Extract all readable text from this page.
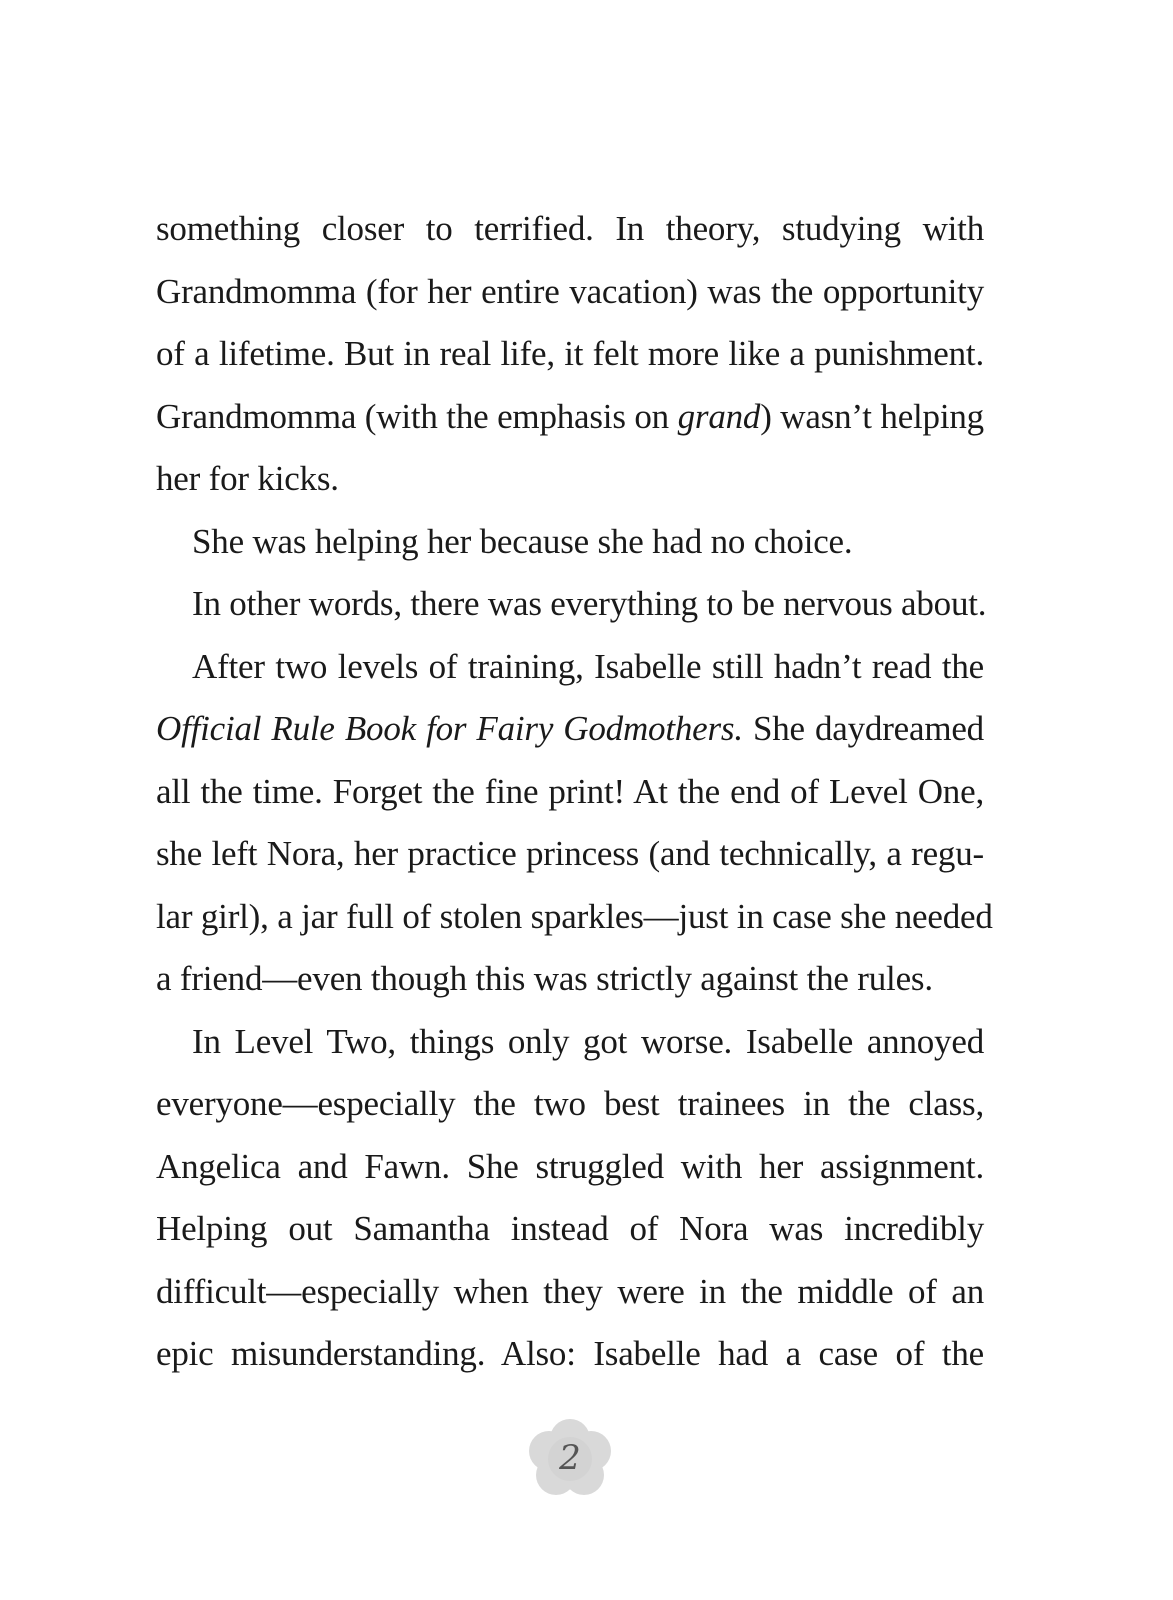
something closer to terrified. In theory, studying with
Grandmomma (for her entire vacation) was the opportunity
of a lifetime. But in real life, it felt more like a punishment.
Grandmomma (with the emphasis on grand) wasn’t helping
her for kicks.
She was helping her because she had no choice.
In other words, there was everything to be nervous about.
After two levels of training, Isabelle still hadn’t read the
Official Rule Book for Fairy Godmothers. She daydreamed
all the time. Forget the fine print! At the end of Level One,
she left Nora, her practice princess (and technically, a regu-
lar girl), a jar full of stolen sparkles—just in case she needed
a friend—even though this was strictly against the rules.
In Level Two, things only got worse. Isabelle annoyed
everyone—especially the two best trainees in the class,
Angelica and Fawn. She struggled with her assignment.
Helping out Samantha instead of Nora was incredibly
difficult—especially when they were in the middle of an
epic misunderstanding. Also: Isabelle had a case of the
2
